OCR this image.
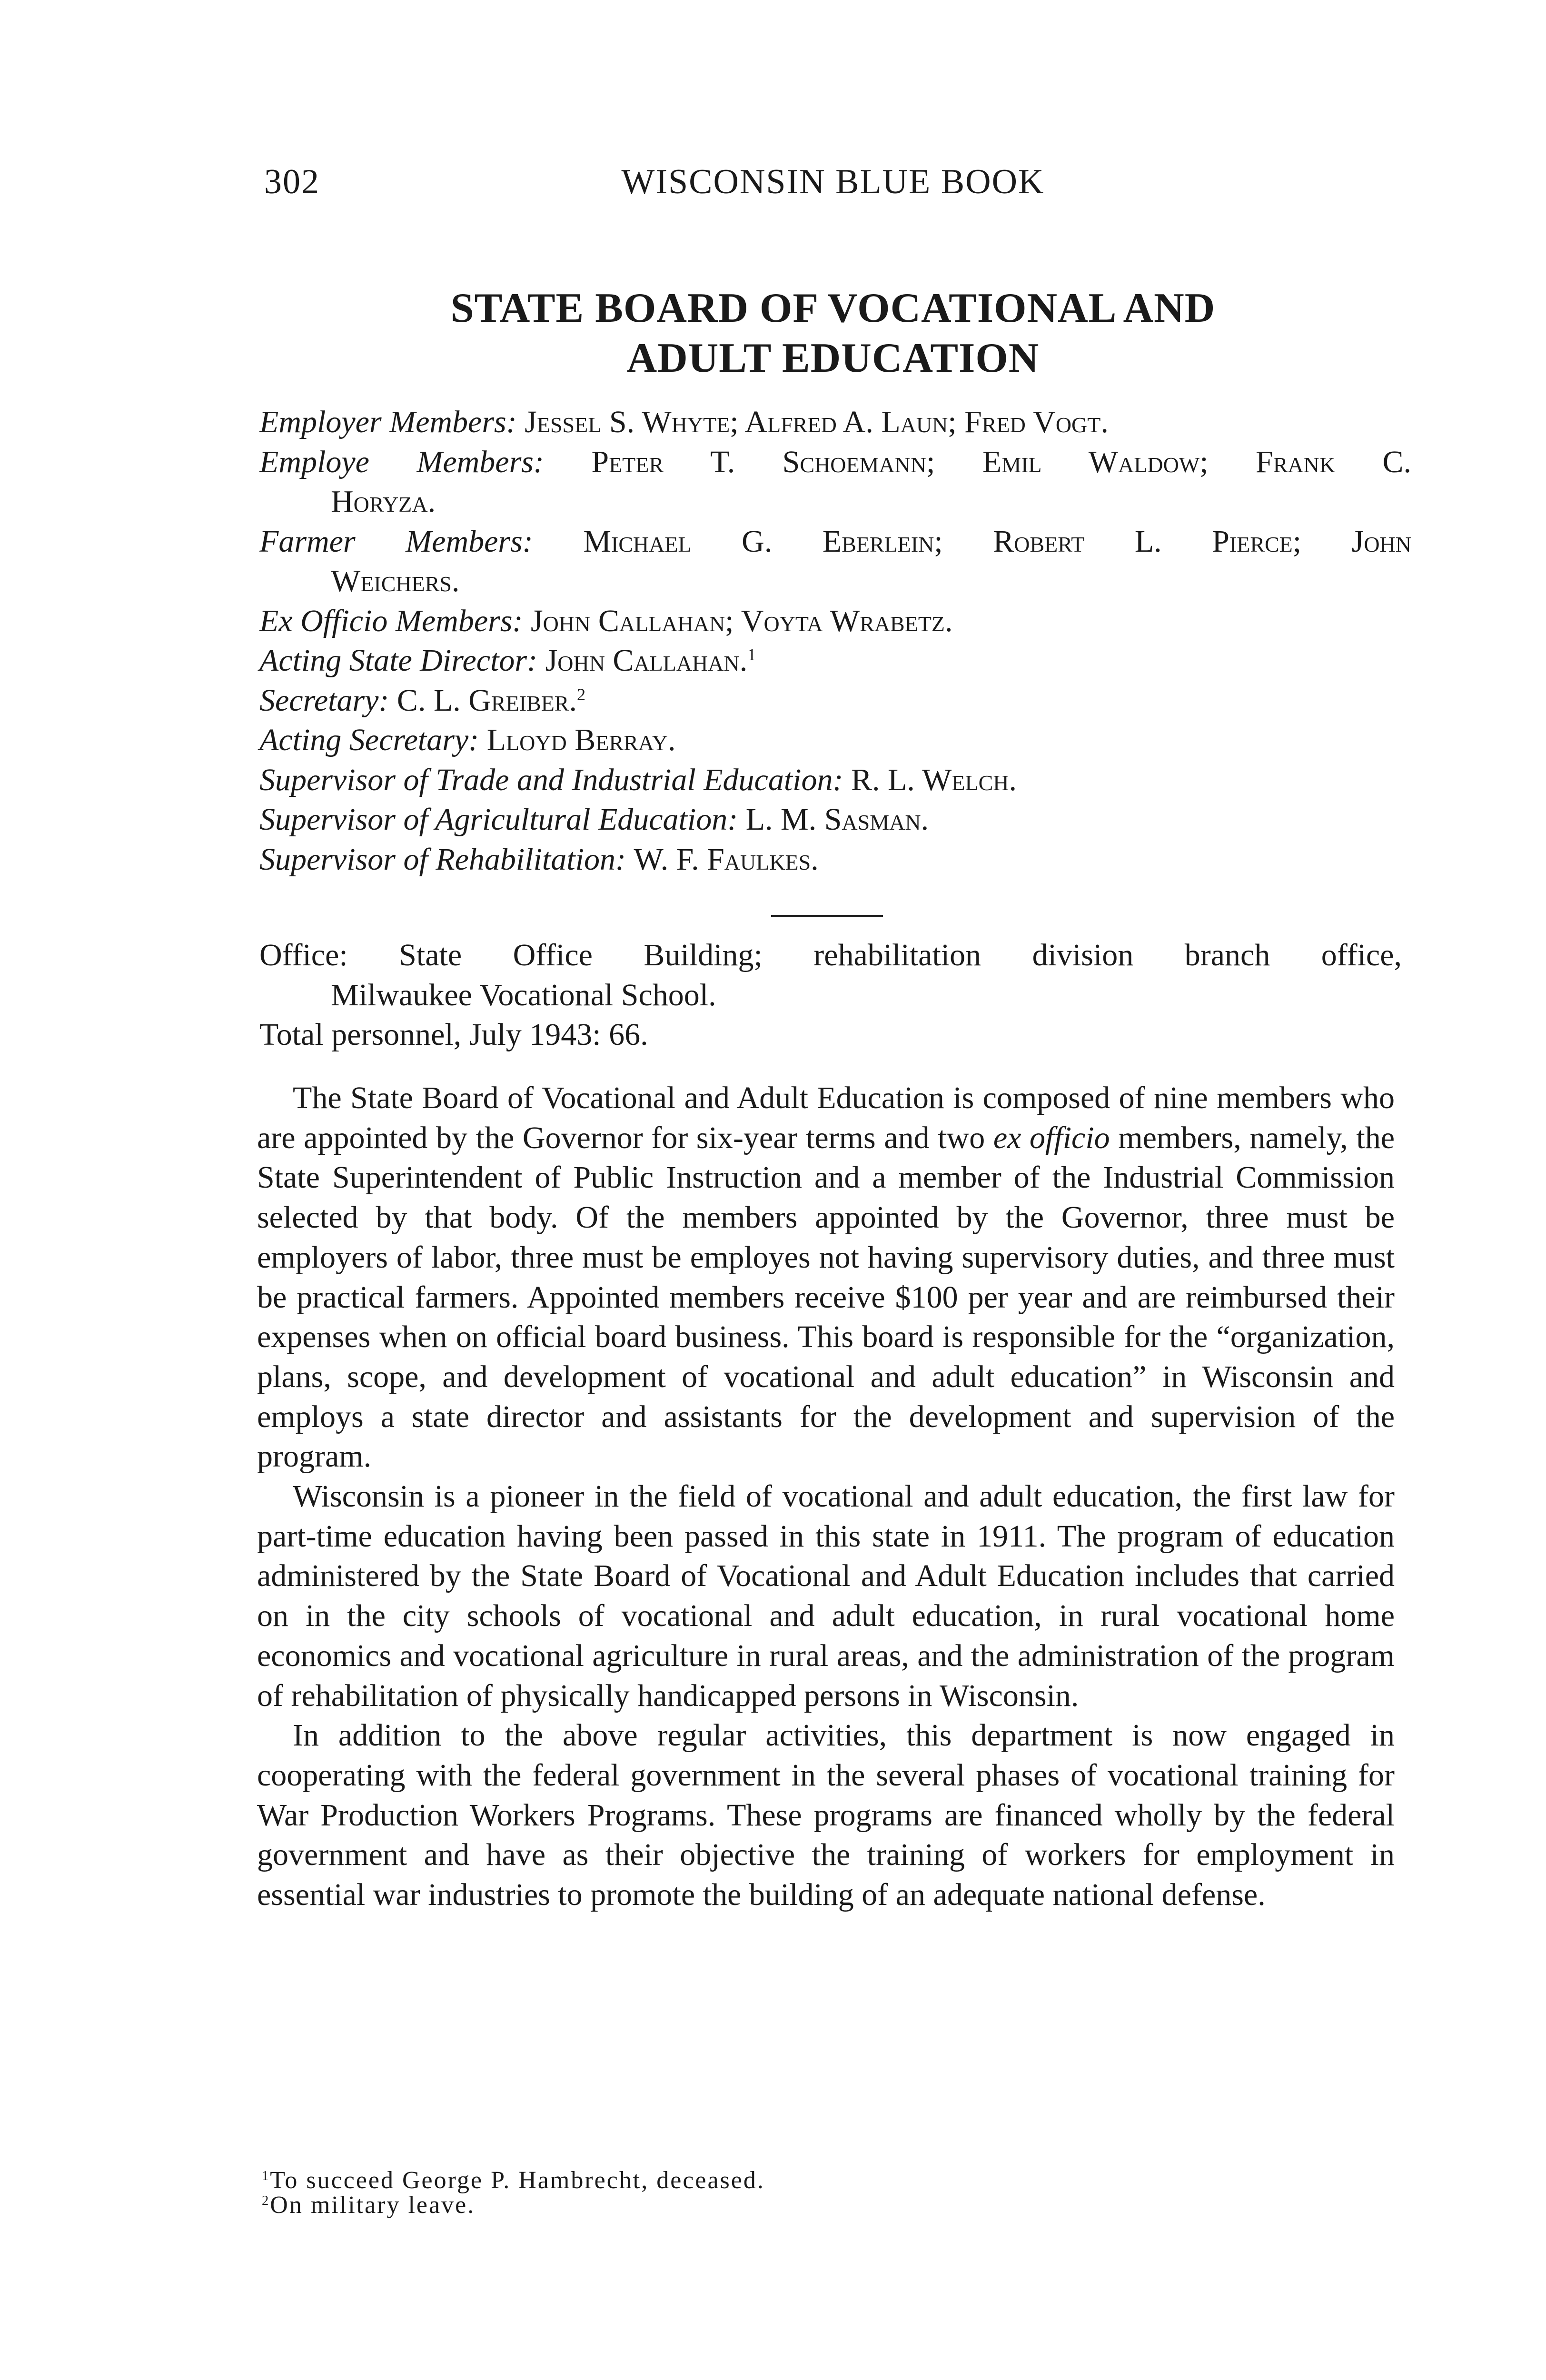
302	WISCONSIN BLUE BOOK
STATE BOARD OF VOCATIONAL AND
ADULT EDUCATION
Employer Members: Jessel S. Whyte; Alfred A. Laun; Fred Vogt.
Employe Members: Peter T. Schoemann; Emil Waldow; Frank C.
Horyza.
Farmer Members: Michael G. Eberlein; Robert L. Pierce; John
Weichers.
Ex Officio Members: John Callahan; Voyta Wrabetz.
Acting State Director: John Callahan.$^1$
Secretary: C. L. Greiber.$^2$
Acting Secretary: Lloyd Berray.
Supervisor of Trade and Industrial Education: R. L. Welch.
Supervisor of Agricultural Education: L. M. Sasman.
Supervisor of Rehabilitation: W. F. Faulkes.
Office: State Office Building; rehabilitation division branch office,
Milwaukee Vocational School.
Total personnel, July 1943: 66.

The State Board of Vocational and Adult Education is composed of nine members who are appointed by the Governor for six-year terms and two ex officio members, namely, the State Superintendent of Public Instruction and a member of the Industrial Commission selected by that body. Of the members appointed by the Governor, three must be employers of labor, three must be employes not having supervisory duties, and three must be practical farmers. Appointed members receive $100 per year and are reimbursed their expenses when on official board business. This board is responsible for the “organization, plans, scope, and development of vocational and adult education” in Wisconsin and employs a state director and assistants for the development and supervision of the program.

Wisconsin is a pioneer in the field of vocational and adult education, the first law for part-time education having been passed in this state in 1911. The program of education administered by the State Board of Vocational and Adult Education includes that carried on in the city schools of vocational and adult education, in rural vocational home economics and vocational agriculture in rural areas, and the administration of the program of rehabilitation of physically handicapped persons in Wisconsin.

In addition to the above regular activities, this department is now engaged in cooperating with the federal government in the several phases of vocational training for War Production Workers Programs. These programs are financed wholly by the federal government and have as their objective the training of workers for employment in essential war industries to promote the building of an adequate national defense.

$^1$To succeed George P. Hambrecht, deceased.
$^2$On military leave.
